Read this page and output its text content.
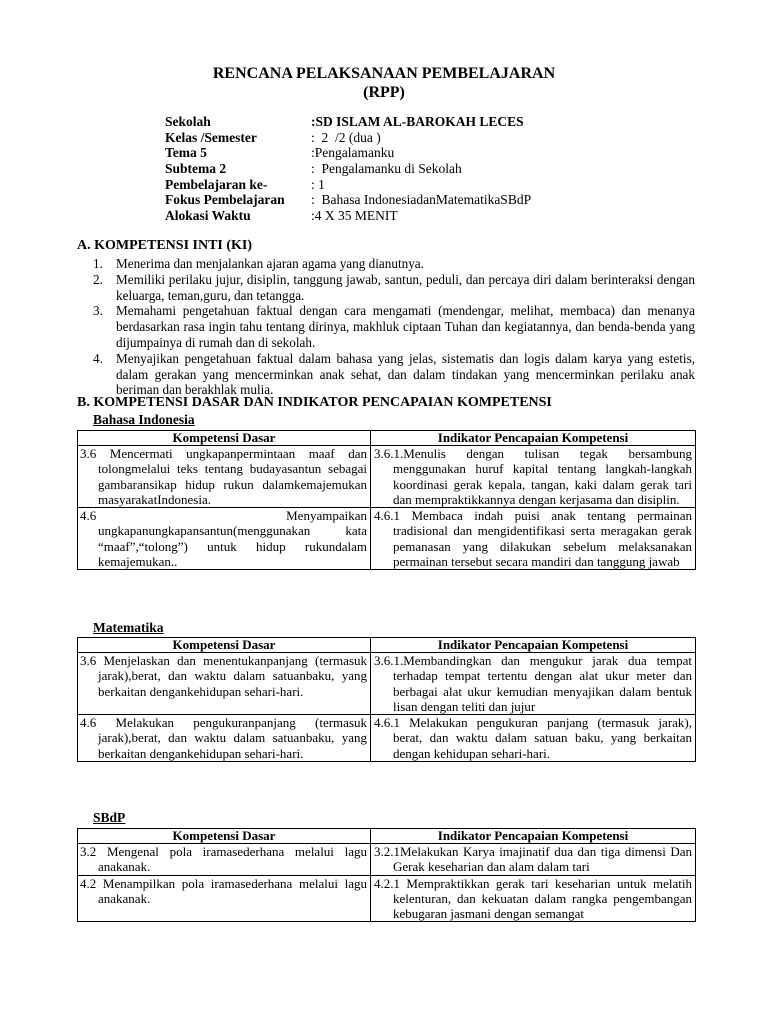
RENCANA PELAKSANAAN PEMBELAJARAN
(RPP)
Sekolah	:SD ISLAM AL-BAROKAH LECES
Kelas /Semester	:  2  /2 (dua )
Tema 5	:Pengalamanku
Subtema 2	:  Pengalamanku di Sekolah
Pembelajaran ke-	: 1
Fokus Pembelajaran	:  Bahasa IndonesiadanMatematikaSBdP
Alokasi Waktu	:4 X 35 MENIT
A. KOMPETENSI INTI (KI)
1. Menerima dan menjalankan ajaran agama yang dianutnya.
2. Memiliki perilaku jujur, disiplin, tanggung jawab, santun, peduli, dan percaya diri dalam berinteraksi dengan keluarga, teman,guru, dan tetangga.
3. Memahami pengetahuan faktual dengan cara mengamati (mendengar, melihat, membaca) dan menanya berdasarkan rasa ingin tahu tentang dirinya, makhluk ciptaan Tuhan dan kegiatannya, dan benda-benda yang dijumpainya di rumah dan di sekolah.
4. Menyajikan pengetahuan faktual dalam bahasa yang jelas, sistematis dan logis dalam karya yang estetis, dalam gerakan yang mencerminkan anak sehat, dan dalam tindakan yang mencerminkan perilaku anak beriman dan berakhlak mulia.
B. KOMPETENSI DASAR DAN INDIKATOR PENCAPAIAN KOMPETENSI
Bahasa Indonesia
Kompetensi Dasar	Indikator Pencapaian Kompetensi
3.6 Mencermati ungkapanpermintaan maaf dan tolongmelalui teks tentang budayasantun sebagai gambaransikap hidup rukun dalamkemajemukan masyarakatIndonesia.	3.6.1.Menulis dengan tulisan tegak bersambung menggunakan huruf kapital tentang langkah-langkah koordinasi gerak kepala, tangan, kaki dalam gerak tari dan mempraktikkannya dengan kerjasama dan disiplin.
4.6 Menyampaikan ungkapanungkapansantun(menggunakan kata “maaf”,“tolong”) untuk hidup rukundalam kemajemukan..	4.6.1 Membaca indah puisi anak tentang permainan tradisional dan mengidentifikasi serta meragakan gerak pemanasan yang dilakukan sebelum melaksanakan permainan tersebut secara mandiri dan tanggung jawab
Matematika
Kompetensi Dasar	Indikator Pencapaian Kompetensi
3.6 Menjelaskan dan menentukanpanjang (termasuk jarak),berat, dan waktu dalam satuanbaku, yang berkaitan dengankehidupan sehari-hari.	3.6.1.Membandingkan dan mengukur jarak dua tempat terhadap tempat tertentu dengan alat ukur meter dan berbagai alat ukur kemudian menyajikan dalam bentuk lisan dengan teliti dan jujur
4.6 Melakukan pengukuranpanjang (termasuk jarak),berat, dan waktu dalam satuanbaku, yang berkaitan dengankehidupan sehari-hari.	4.6.1 Melakukan pengukuran panjang (termasuk jarak), berat, dan waktu dalam satuan baku, yang berkaitan dengan kehidupan sehari-hari.
SBdP
Kompetensi Dasar	Indikator Pencapaian Kompetensi
3.2 Mengenal pola iramasederhana melalui lagu anakanak.	3.2.1Melakukan Karya imajinatif dua dan tiga dimensi Dan Gerak keseharian dan alam dalam tari
4.2 Menampilkan pola iramasederhana melalui lagu anakanak.	4.2.1 Mempraktikkan gerak tari keseharian untuk melatih kelenturan, dan kekuatan dalam rangka pengembangan kebugaran jasmani dengan semangat
